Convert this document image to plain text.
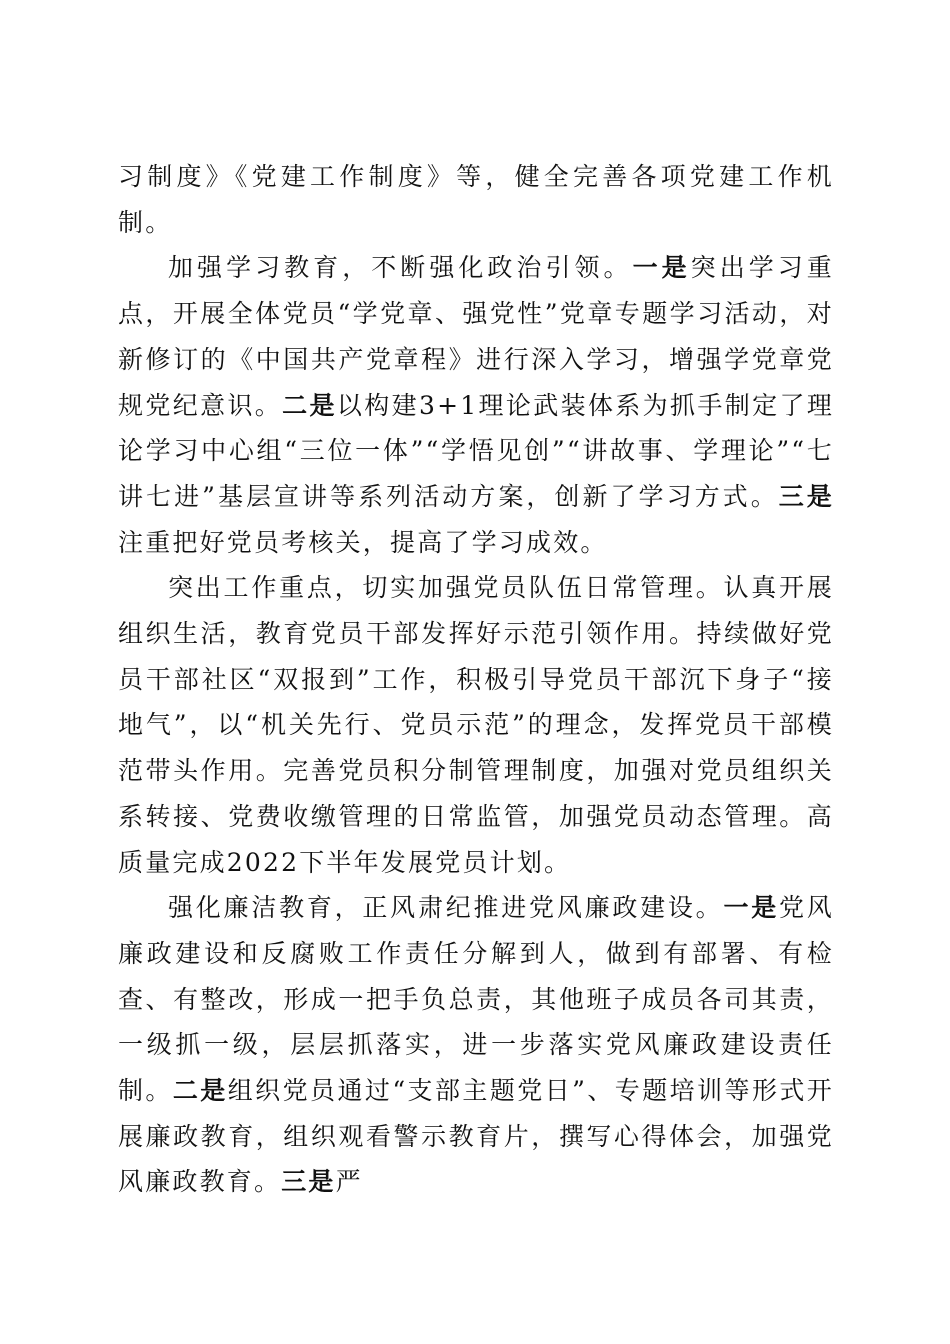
习制度》《党建工作制度》等，健全完善各项党建工作机制。

加强学习教育，不断强化政治引领。一是突出学习重点，开展全体党员“学党章、强党性”党章专题学习活动，对新修订的《中国共产党章程》进行深入学习，增强学党章党规党纪意识。二是以构建3+1理论武装体系为抓手制定了理论学习中心组“三位一体”“学悟见创”“讲故事、学理论”“七讲七进”基层宣讲等系列活动方案，创新了学习方式。三是注重把好党员考核关，提高了学习成效。

突出工作重点，切实加强党员队伍日常管理。认真开展组织生活，教育党员干部发挥好示范引领作用。持续做好党员干部社区“双报到”工作，积极引导党员干部沉下身子“接地气”，以“机关先行、党员示范”的理念，发挥党员干部模范带头作用。完善党员积分制管理制度，加强对党员组织关系转接、党费收缴管理的日常监管，加强党员动态管理。高质量完成2022下半年发展党员计划。

强化廉洁教育，正风肃纪推进党风廉政建设。一是党风廉政建设和反腐败工作责任分解到人，做到有部署、有检查、有整改，形成一把手负总责，其他班子成员各司其责，一级抓一级，层层抓落实，进一步落实党风廉政建设责任制。二是组织党员通过“支部主题党日”、专题培训等形式开展廉政教育，组织观看警示教育片，撰写心得体会，加强党风廉政教育。三是严
